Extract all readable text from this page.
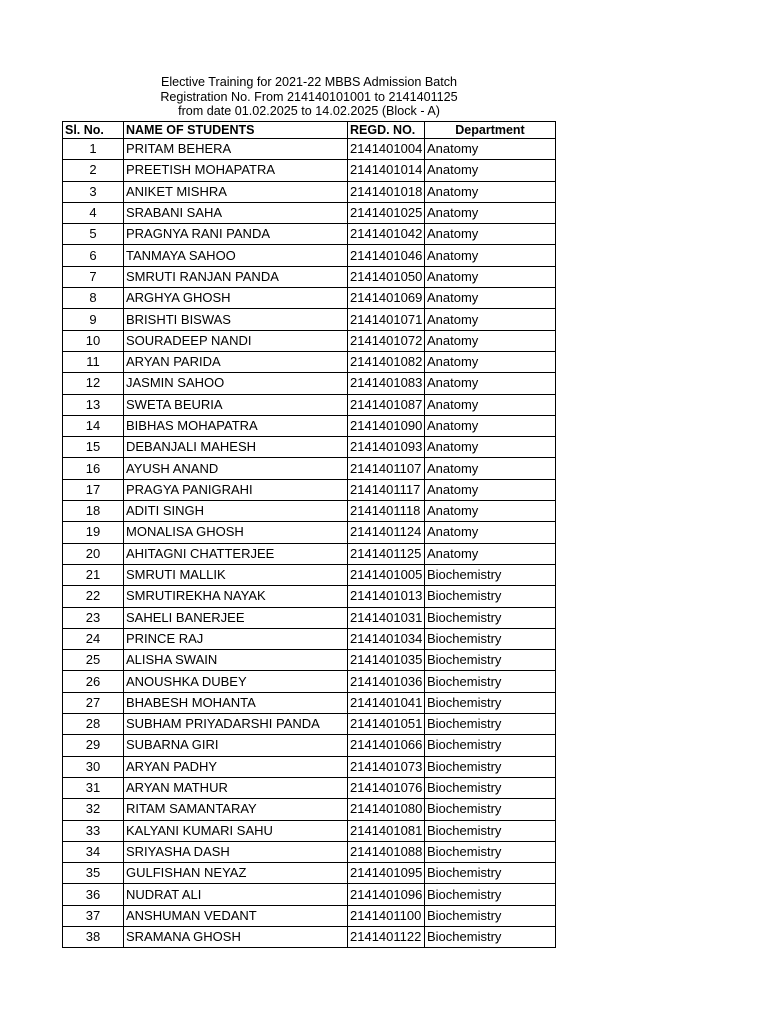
Elective Training for 2021-22 MBBS Admission Batch
Registration No. From 214140101001 to 2141401125
from date 01.02.2025 to 14.02.2025 (Block - A)
Sl. No.	NAME OF STUDENTS	REGD. NO.	Department
1	PRITAM BEHERA	2141401004	Anatomy
2	PREETISH MOHAPATRA	2141401014	Anatomy
3	ANIKET MISHRA	2141401018	Anatomy
4	SRABANI SAHA	2141401025	Anatomy
5	PRAGNYA RANI PANDA	2141401042	Anatomy
6	TANMAYA SAHOO	2141401046	Anatomy
7	SMRUTI RANJAN PANDA	2141401050	Anatomy
8	ARGHYA GHOSH	2141401069	Anatomy
9	BRISHTI BISWAS	2141401071	Anatomy
10	SOURADEEP NANDI	2141401072	Anatomy
11	ARYAN PARIDA	2141401082	Anatomy
12	JASMIN SAHOO	2141401083	Anatomy
13	SWETA BEURIA	2141401087	Anatomy
14	BIBHAS MOHAPATRA	2141401090	Anatomy
15	DEBANJALI MAHESH	2141401093	Anatomy
16	AYUSH ANAND	2141401107	Anatomy
17	PRAGYA PANIGRAHI	2141401117	Anatomy
18	ADITI SINGH	2141401118	Anatomy
19	MONALISA GHOSH	2141401124	Anatomy
20	AHITAGNI CHATTERJEE	2141401125	Anatomy
21	SMRUTI MALLIK	2141401005	Biochemistry
22	SMRUTIREKHA NAYAK	2141401013	Biochemistry
23	SAHELI BANERJEE	2141401031	Biochemistry
24	PRINCE RAJ	2141401034	Biochemistry
25	ALISHA SWAIN	2141401035	Biochemistry
26	ANOUSHKA DUBEY	2141401036	Biochemistry
27	BHABESH MOHANTA	2141401041	Biochemistry
28	SUBHAM PRIYADARSHI PANDA	2141401051	Biochemistry
29	SUBARNA GIRI	2141401066	Biochemistry
30	ARYAN PADHY	2141401073	Biochemistry
31	ARYAN MATHUR	2141401076	Biochemistry
32	RITAM SAMANTARAY	2141401080	Biochemistry
33	KALYANI KUMARI SAHU	2141401081	Biochemistry
34	SRIYASHA DASH	2141401088	Biochemistry
35	GULFISHAN NEYAZ	2141401095	Biochemistry
36	NUDRAT ALI	2141401096	Biochemistry
37	ANSHUMAN VEDANT	2141401100	Biochemistry
38	SRAMANA GHOSH	2141401122	Biochemistry
